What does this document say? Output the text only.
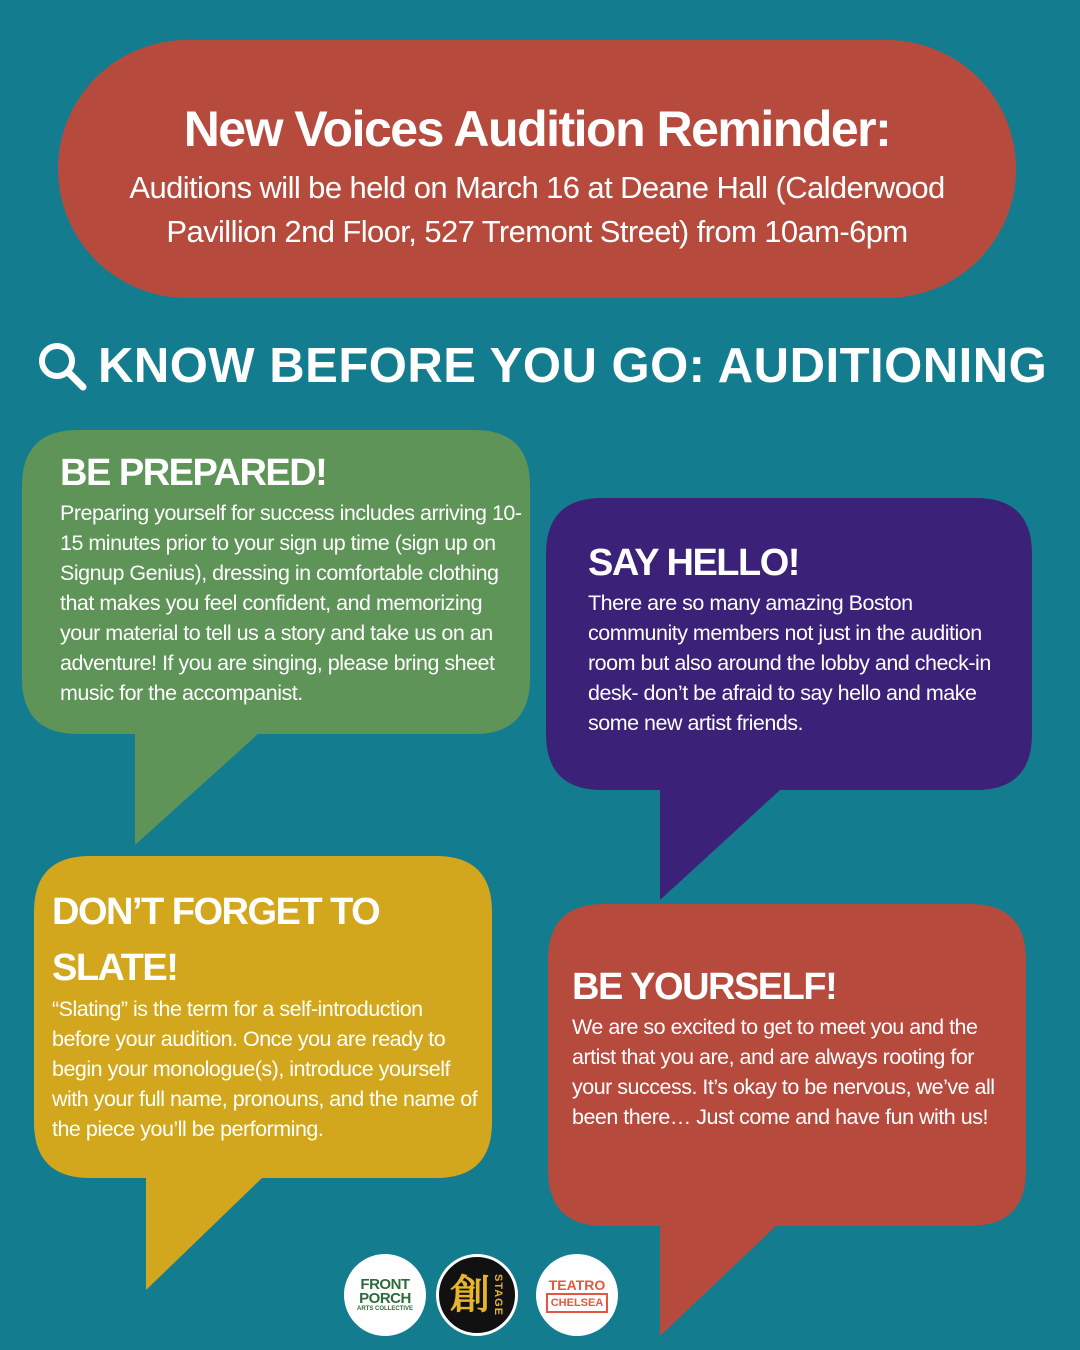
New Voices Audition Reminder:

Auditions will be held on March 16 at Deane Hall (Calderwood Pavillion 2nd Floor, 527 Tremont Street) from 10am-6pm

KNOW BEFORE YOU GO: AUDITIONING
BE PREPARED!

Preparing yourself for success includes arriving 10-15 minutes prior to your sign up time (sign up on Signup Genius), dressing in comfortable clothing that makes you feel confident, and memorizing your material to tell us a story and take us on an adventure! If you are singing, please bring sheet music for the accompanist.

SAY HELLO!

There are so many amazing Boston community members not just in the audition room but also around the lobby and check-in desk- don’t be afraid to say hello and make some new artist friends.

DON’T FORGET TO SLATE!

“Slating” is the term for a self-introduction before your audition. Once you are ready to begin your monologue(s), introduce yourself with your full name, pronouns, and the name of the piece you’ll be performing.

BE YOURSELF!

We are so excited to get to meet you and the artist that you are, and are always rooting for your success. It’s okay to be nervous, we’ve all been there… Just come and have fun with us!

FRONT
PORCH
ARTS COLLECTIVE 創 STAGE	TEATRO
CHELSEA
